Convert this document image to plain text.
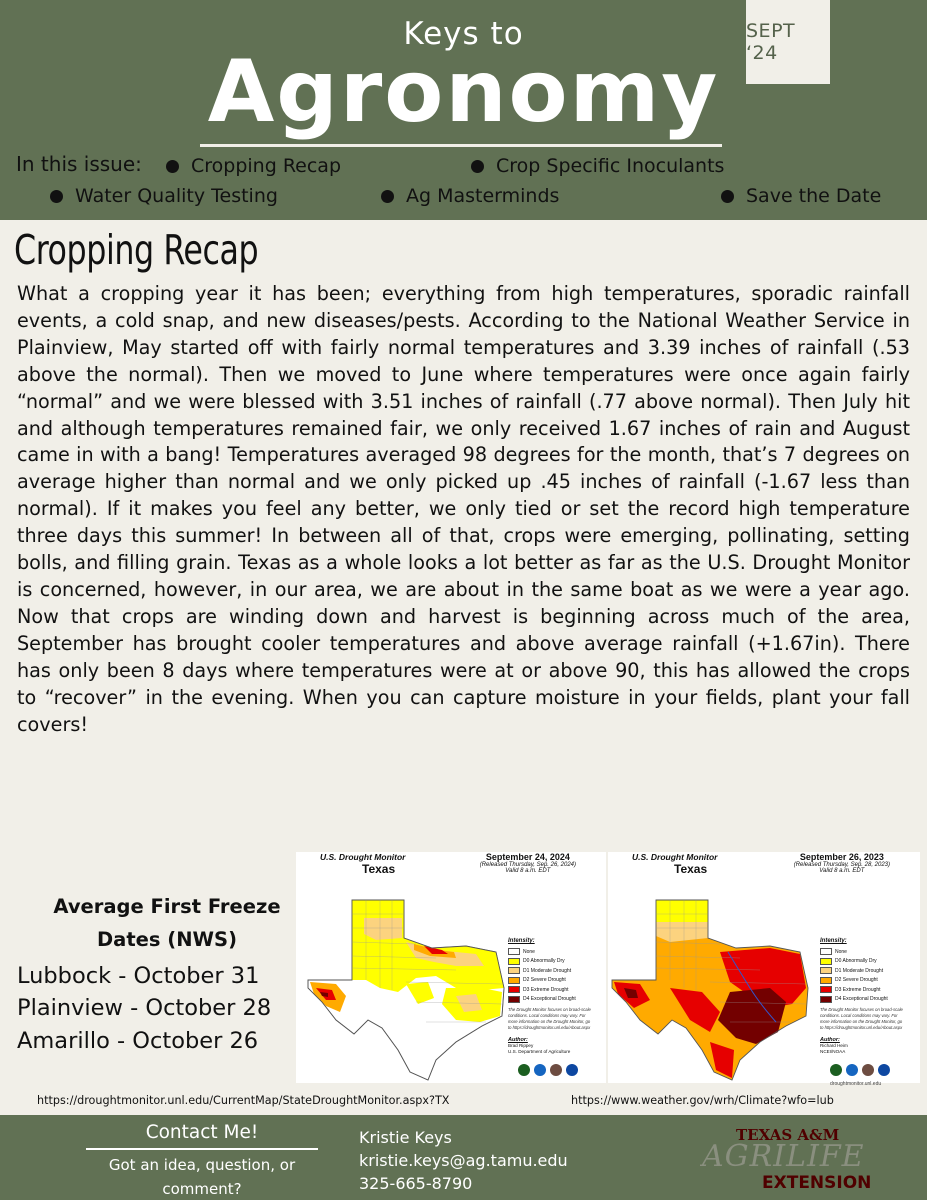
Keys to
Agronomy
SEPT ‘24
In this issue:	Cropping Recap	Crop Specific Inoculants
Water Quality Testing	Ag Masterminds	Save the Date
Cropping Recap
What a cropping year it has been; everything from high temperatures, sporadic rainfall events, a cold snap, and new diseases/pests. According to the National Weather Service in Plainview, May started off with fairly normal temperatures and 3.39 inches of rainfall (.53 above the normal). Then we moved to June where temperatures were once again fairly “normal” and we were blessed with 3.51 inches of rainfall (.77 above normal). Then July hit and although temperatures remained fair, we only received 1.67 inches of rain and August came in with a bang! Temperatures averaged 98 degrees for the month, that’s 7 degrees on average higher than normal and we only picked up .45 inches of rainfall (-1.67 less than normal). If it makes you feel any better, we only tied or set the record high temperature three days this summer! In between all of that, crops were emerging, pollinating, setting bolls, and filling grain. Texas as a whole looks a lot better as far as the U.S. Drought Monitor is concerned, however, in our area, we are about in the same boat as we were a year ago. Now that crops are winding down and harvest is beginning across much of the area, September has brought cooler temperatures and above average rainfall (+1.67in). There has only been 8 days where temperatures were at or above 90, this has allowed the crops to “recover” in the evening. When you can capture moisture in your fields, plant your fall covers!
Average First Freeze
Dates (NWS)
Lubbock - October 31
Plainview - October 28
Amarillo - October 26
U.S. Drought Monitor
Texas
September 24, 2024
(Released Thursday, Sep. 26, 2024)
Valid 8 a.m. EDT
Intensity:
None
D0 Abnormally Dry
D1 Moderate Drought
D2 Severe Drought
D3 Extreme Drought
D4 Exceptional Drought
The Drought Monitor focuses on broad-scale conditions. Local conditions may vary. For more information on the Drought Monitor, go to https://droughtmonitor.unl.edu/About.aspx
Author:
Brad Rippey
U.S. Department of Agriculture
U.S. Drought Monitor
Texas
September 26, 2023
(Released Thursday, Sep. 28, 2023)
Valid 8 a.m. EDT
Intensity:
None
D0 Abnormally Dry
D1 Moderate Drought
D2 Severe Drought
D3 Extreme Drought
D4 Exceptional Drought
The Drought Monitor focuses on broad-scale conditions. Local conditions may vary. For more information on the Drought Monitor, go to https://droughtmonitor.unl.edu/About.aspx
Author:
Richard Heim
NCEI/NOAA
droughtmonitor.unl.edu
https://droughtmonitor.unl.edu/CurrentMap/StateDroughtMonitor.aspx?TX	https://www.weather.gov/wrh/Climate?wfo=lub
Contact Me!
Got an idea, question, or
comment?
Kristie Keys
kristie.keys@ag.tamu.edu
325-665-8790
TEXAS A&M
AGRILIFE
EXTENSION
